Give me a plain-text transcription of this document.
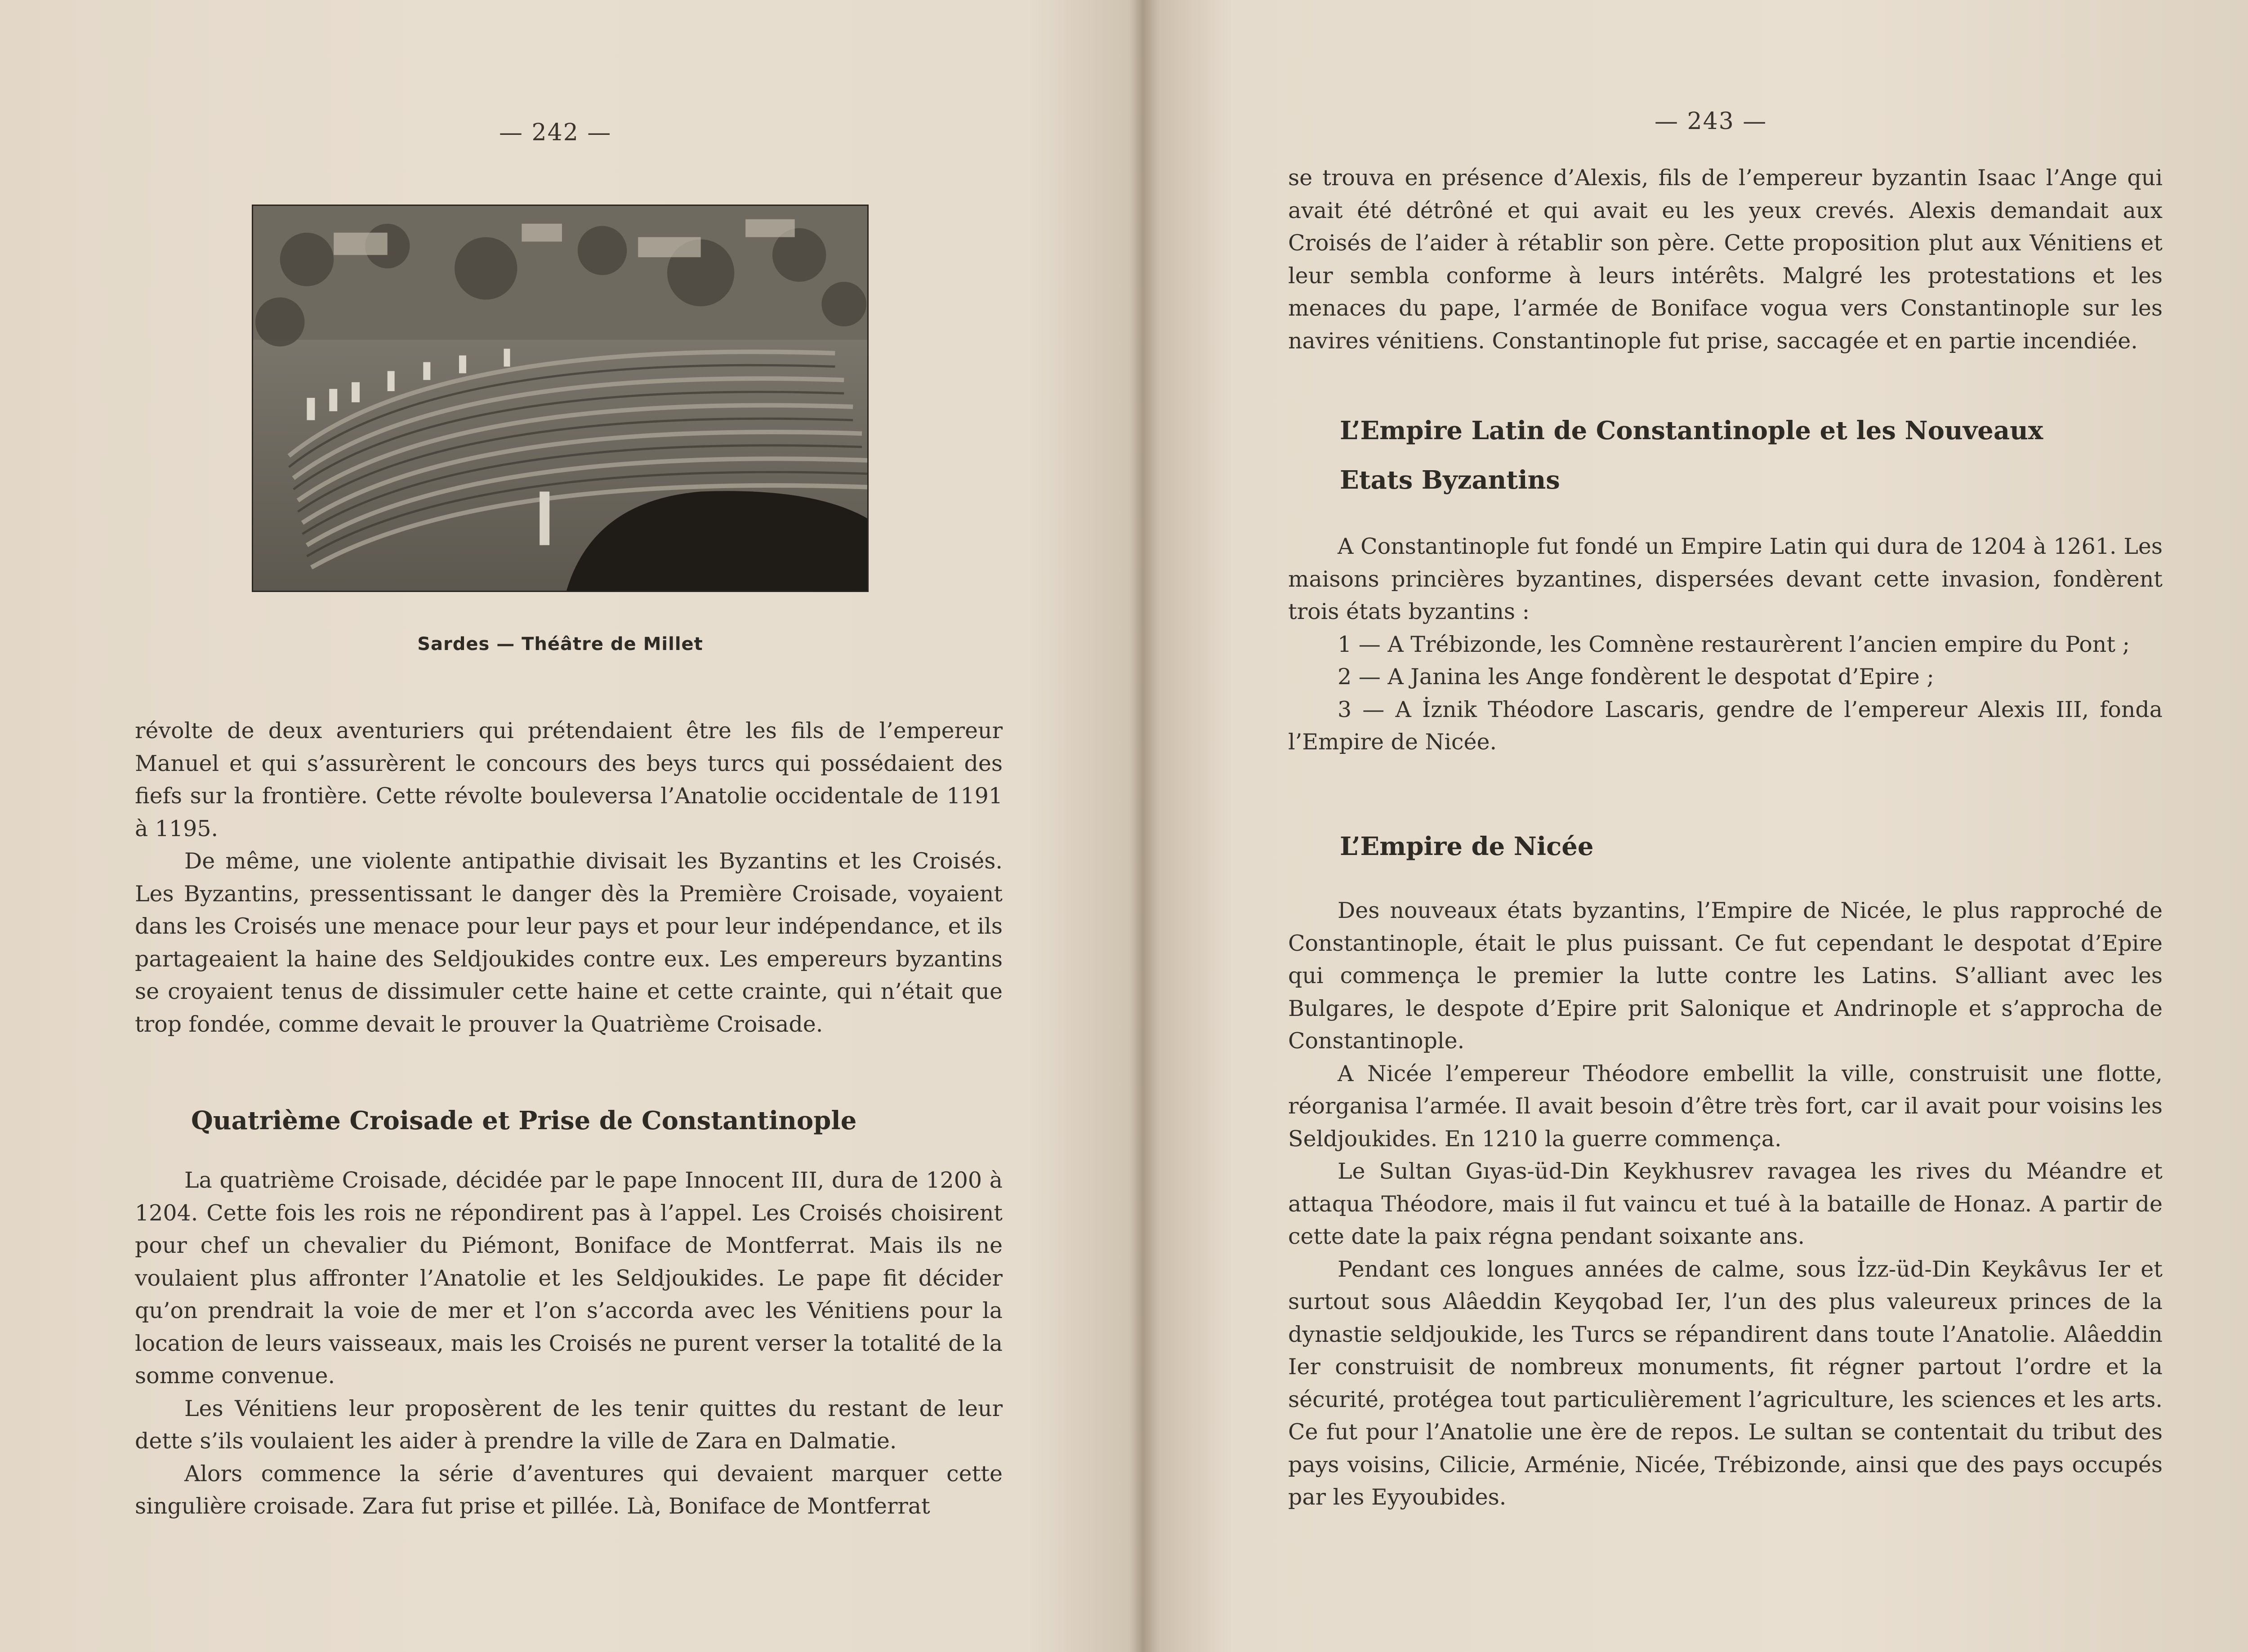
— 242 —
Sardes — Théâtre de Millet

révolte de deux aventuriers qui prétendaient être les fils de l’empereur Manuel et qui s’assurèrent le concours des beys turcs qui possédaient des fiefs sur la frontière. Cette révolte bouleversa l’Anatolie occidentale de 1191 à 1195.

De même, une violente antipathie divisait les Byzantins et les Croisés. Les Byzantins, pressentissant le danger dès la Première Croisade, voyaient dans les Croisés une menace pour leur pays et pour leur indépendance, et ils partageaient la haine des Seldjoukides contre eux. Les empereurs byzantins se croyaient tenus de dissimuler cette haine et cette crainte, qui n’était que trop fondée, comme devait le prouver la Quatrième Croisade.

Quatrième Croisade et Prise de Constantinople

La quatrième Croisade, décidée par le pape Innocent III, dura de 1200 à 1204. Cette fois les rois ne répondirent pas à l’appel. Les Croisés choisirent pour chef un chevalier du Piémont, Boniface de Montferrat. Mais ils ne voulaient plus affronter l’Anatolie et les Seldjoukides. Le pape fit décider qu’on prendrait la voie de mer et l’on s’accorda avec les Vénitiens pour la location de leurs vaisseaux, mais les Croisés ne purent verser la totalité de la somme convenue.

Les Vénitiens leur proposèrent de les tenir quittes du restant de leur dette s’ils voulaient les aider à prendre la ville de Zara en Dalmatie.

Alors commence la série d’aventures qui devaient marquer cette singulière croisade. Zara fut prise et pillée. Là, Boniface de Montferrat

— 243 —

se trouva en présence d’Alexis, fils de l’empereur byzantin Isaac l’Ange qui avait été détrôné et qui avait eu les yeux crevés. Alexis demandait aux Croisés de l’aider à rétablir son père. Cette proposition plut aux Vénitiens et leur sembla conforme à leurs intérêts. Malgré les protestations et les menaces du pape, l’armée de Boniface vogua vers Constantinople sur les navires vénitiens. Constantinople fut prise, saccagée et en partie incendiée.

L’Empire Latin de Constantinople et les Nouveaux
Etats Byzantins

A Constantinople fut fondé un Empire Latin qui dura de 1204 à 1261. Les maisons princières byzantines, dispersées devant cette invasion, fondèrent trois états byzantins :

1 — A Trébizonde, les Comnène restaurèrent l’ancien empire du Pont ;

2 — A Janina les Ange fondèrent le despotat d’Epire ;

3 — A İznik Théodore Lascaris, gendre de l’empereur Alexis III, fonda l’Empire de Nicée.

L’Empire de Nicée

Des nouveaux états byzantins, l’Empire de Nicée, le plus rapproché de Constantinople, était le plus puissant. Ce fut cependant le despotat d’Epire qui commença le premier la lutte contre les Latins. S’alliant avec les Bulgares, le despote d’Epire prit Salonique et Andrinople et s’approcha de Constantinople.

A Nicée l’empereur Théodore embellit la ville, construisit une flotte, réorganisa l’armée. Il avait besoin d’être très fort, car il avait pour voisins les Seldjoukides. En 1210 la guerre commença.

Le Sultan Gıyas-üd-Din Keykhusrev ravagea les rives du Méandre et attaqua Théodore, mais il fut vaincu et tué à la bataille de Honaz. A partir de cette date la paix régna pendant soixante ans.

Pendant ces longues années de calme, sous İzz-üd-Din Keykâvus Ier et surtout sous Alâeddin Keyqobad Ier, l’un des plus valeureux princes de la dynastie seldjoukide, les Turcs se répandirent dans toute l’Anatolie. Alâeddin Ier construisit de nombreux monuments, fit régner partout l’ordre et la sécurité, protégea tout particulièrement l’agriculture, les sciences et les arts. Ce fut pour l’Anatolie une ère de repos. Le sultan se contentait du tribut des pays voisins, Cilicie, Arménie, Nicée, Trébizonde, ainsi que des pays occupés par les Eyyoubides.
